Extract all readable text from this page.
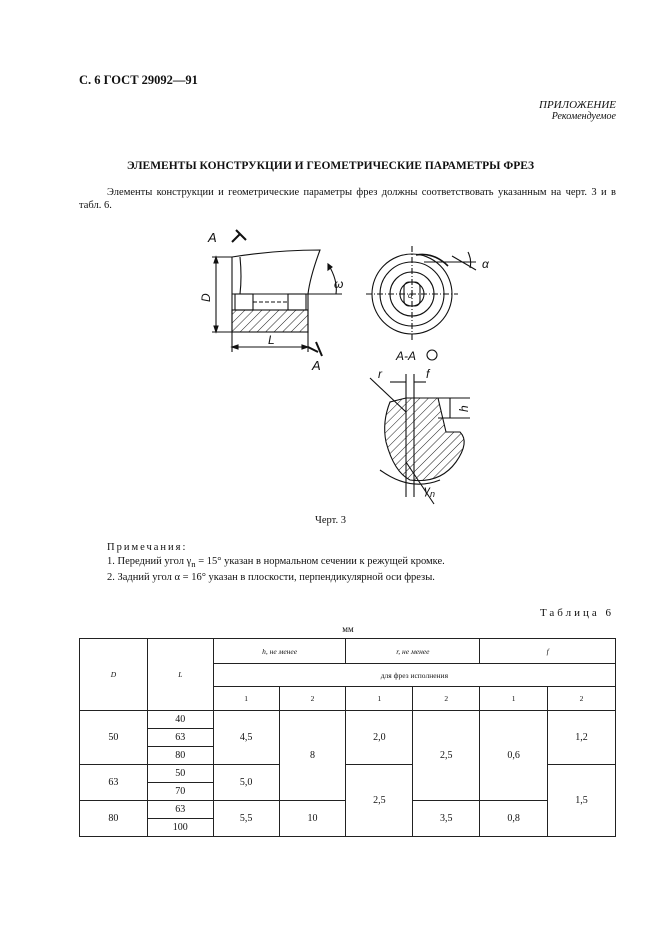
С. 6 ГОСТ 29092—91
ПРИЛОЖЕНИЕ
Рекомендуемое
ЭЛЕМЕНТЫ КОНСТРУКЦИИ И ГЕОМЕТРИЧЕСКИЕ ПАРАМЕТРЫ ФРЕЗ
Элементы конструкции и геометрические параметры фрез должны соответствовать указанным на черт. 3 и в табл. 6.
A
A
D
L
ω
α
d
A-A
r	f
h
$\gamma_n$
Черт. 3
Примечания:
1. Передний угол $\gamma_n = 15^\circ$ указан в нормальном сечении к режущей кромке.
2. Задний угол α = 16° указан в плоскости, перпендикулярной оси фрезы.
Таблица 6
мм
D	L	h, не менее		r, не менее		f	
		для фрез исполнения					
		1	2	1	2	1	2
50	40	4,5	8	2,0	2,5	0,6	1,2
	63						
	80						
63	50	5,0		2,5			1,5
	70						
80	63	5,5	10		3,5	0,8	
	100						
